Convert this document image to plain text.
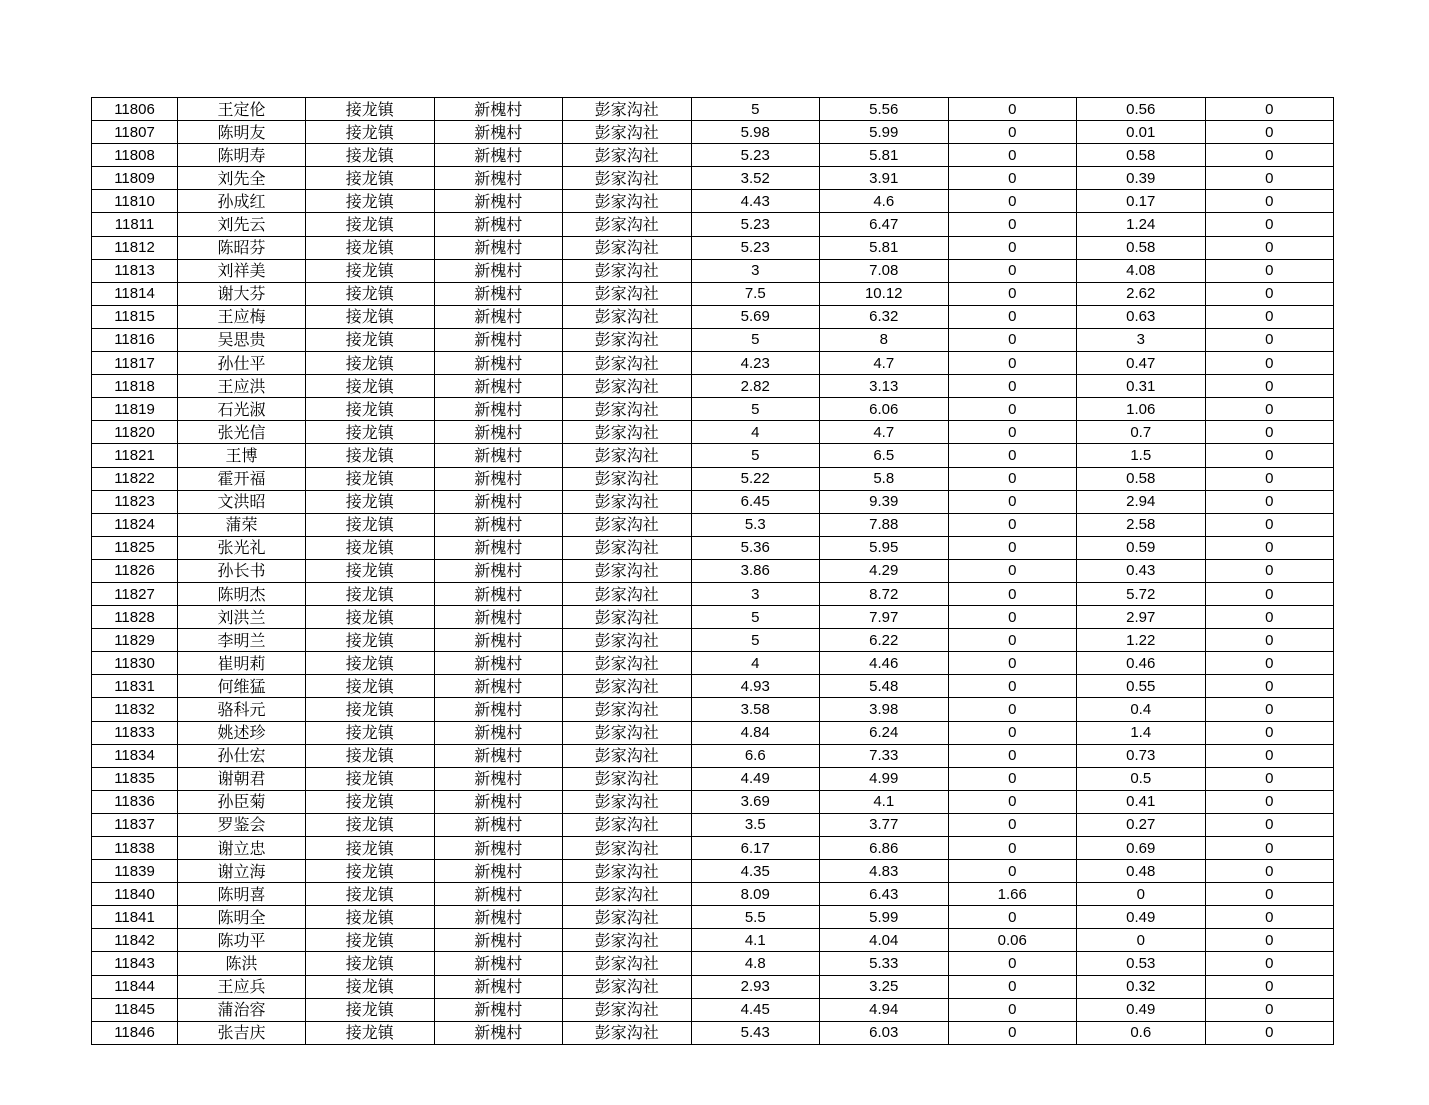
11806	王定伦	接龙镇	新槐村	彭家沟社	5	5.56	0	0.56	0
11807	陈明友	接龙镇	新槐村	彭家沟社	5.98	5.99	0	0.01	0
11808	陈明寿	接龙镇	新槐村	彭家沟社	5.23	5.81	0	0.58	0
11809	刘先全	接龙镇	新槐村	彭家沟社	3.52	3.91	0	0.39	0
11810	孙成红	接龙镇	新槐村	彭家沟社	4.43	4.6	0	0.17	0
11811	刘先云	接龙镇	新槐村	彭家沟社	5.23	6.47	0	1.24	0
11812	陈昭芬	接龙镇	新槐村	彭家沟社	5.23	5.81	0	0.58	0
11813	刘祥美	接龙镇	新槐村	彭家沟社	3	7.08	0	4.08	0
11814	谢大芬	接龙镇	新槐村	彭家沟社	7.5	10.12	0	2.62	0
11815	王应梅	接龙镇	新槐村	彭家沟社	5.69	6.32	0	0.63	0
11816	吴思贵	接龙镇	新槐村	彭家沟社	5	8	0	3	0
11817	孙仕平	接龙镇	新槐村	彭家沟社	4.23	4.7	0	0.47	0
11818	王应洪	接龙镇	新槐村	彭家沟社	2.82	3.13	0	0.31	0
11819	石光淑	接龙镇	新槐村	彭家沟社	5	6.06	0	1.06	0
11820	张光信	接龙镇	新槐村	彭家沟社	4	4.7	0	0.7	0
11821	王博	接龙镇	新槐村	彭家沟社	5	6.5	0	1.5	0
11822	霍开福	接龙镇	新槐村	彭家沟社	5.22	5.8	0	0.58	0
11823	文洪昭	接龙镇	新槐村	彭家沟社	6.45	9.39	0	2.94	0
11824	蒲荣	接龙镇	新槐村	彭家沟社	5.3	7.88	0	2.58	0
11825	张光礼	接龙镇	新槐村	彭家沟社	5.36	5.95	0	0.59	0
11826	孙长书	接龙镇	新槐村	彭家沟社	3.86	4.29	0	0.43	0
11827	陈明杰	接龙镇	新槐村	彭家沟社	3	8.72	0	5.72	0
11828	刘洪兰	接龙镇	新槐村	彭家沟社	5	7.97	0	2.97	0
11829	李明兰	接龙镇	新槐村	彭家沟社	5	6.22	0	1.22	0
11830	崔明莉	接龙镇	新槐村	彭家沟社	4	4.46	0	0.46	0
11831	何维猛	接龙镇	新槐村	彭家沟社	4.93	5.48	0	0.55	0
11832	骆科元	接龙镇	新槐村	彭家沟社	3.58	3.98	0	0.4	0
11833	姚述珍	接龙镇	新槐村	彭家沟社	4.84	6.24	0	1.4	0
11834	孙仕宏	接龙镇	新槐村	彭家沟社	6.6	7.33	0	0.73	0
11835	谢朝君	接龙镇	新槐村	彭家沟社	4.49	4.99	0	0.5	0
11836	孙臣菊	接龙镇	新槐村	彭家沟社	3.69	4.1	0	0.41	0
11837	罗鉴会	接龙镇	新槐村	彭家沟社	3.5	3.77	0	0.27	0
11838	谢立忠	接龙镇	新槐村	彭家沟社	6.17	6.86	0	0.69	0
11839	谢立海	接龙镇	新槐村	彭家沟社	4.35	4.83	0	0.48	0
11840	陈明喜	接龙镇	新槐村	彭家沟社	8.09	6.43	1.66	0	0
11841	陈明全	接龙镇	新槐村	彭家沟社	5.5	5.99	0	0.49	0
11842	陈功平	接龙镇	新槐村	彭家沟社	4.1	4.04	0.06	0	0
11843	陈洪	接龙镇	新槐村	彭家沟社	4.8	5.33	0	0.53	0
11844	王应兵	接龙镇	新槐村	彭家沟社	2.93	3.25	0	0.32	0
11845	蒲治容	接龙镇	新槐村	彭家沟社	4.45	4.94	0	0.49	0
11846	张吉庆	接龙镇	新槐村	彭家沟社	5.43	6.03	0	0.6	0
